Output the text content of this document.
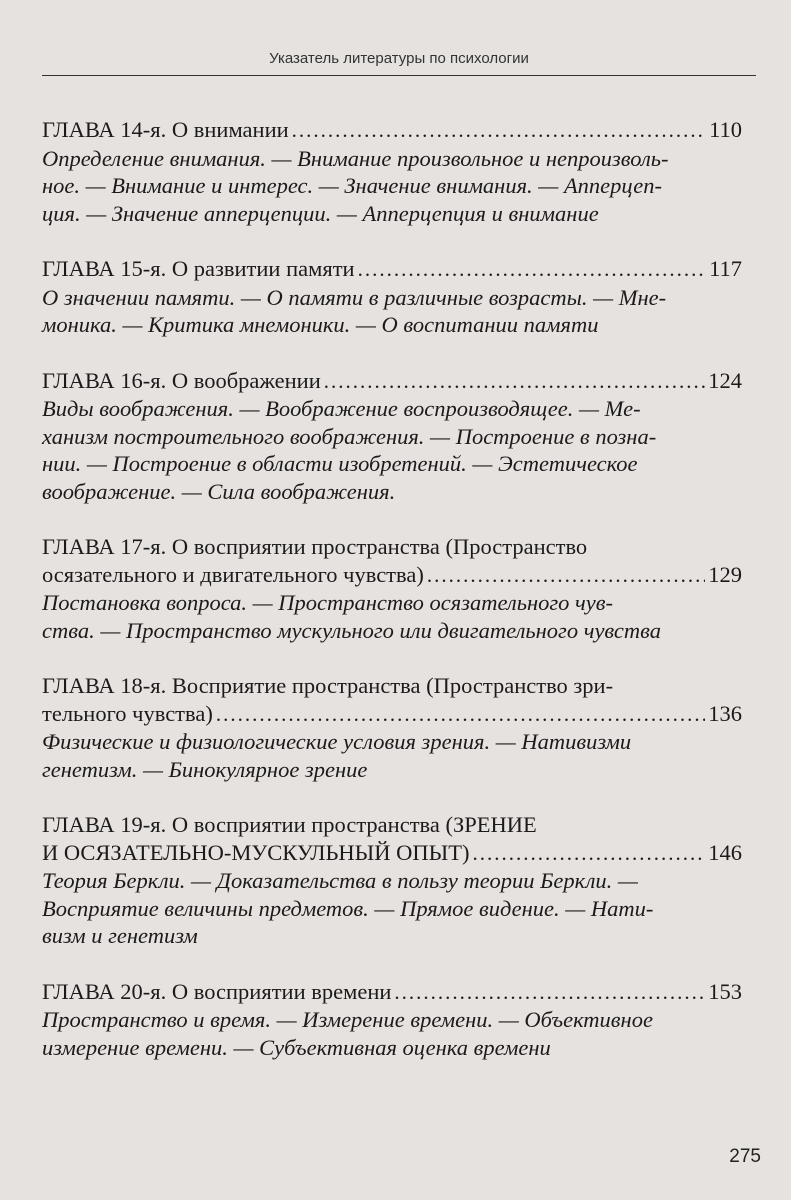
Указатель литературы по психологии
ГЛАВА 14-я. О внимании .....	110
Определение внимания. — Внимание произвольное и непроизволь-
ное. — Внимание и интерес. — Значение внимания. — Апперцеп-
ция. — Значение апперцепции. — Апперцепция и внимание
ГЛАВА 15-я. О развитии памяти .....	117
О значении памяти. — О памяти в различные возрасты. — Мне-
моника. — Критика мнемоники. — О воспитании памяти
ГЛАВА 16-я. О воображении .....	124
Виды воображения. — Воображение воспроизводящее. — Ме-
ханизм построительного воображения. — Построение в позна-
нии. — Построение в области изобретений. — Эстетическое
воображение. — Сила воображения.
ГЛАВА 17-я. О восприятии пространства (Пространство
осязательного и двигательного чувства) .....	129
Постановка вопроса. — Пространство осязательного чув-
ства. — Пространство мускульного или двигательного чувства
ГЛАВА 18-я. Восприятие пространства (Пространство зри-
тельного чувства) .....	136
Физические и физиологические условия зрения. — Нативизми
генетизм. — Бинокулярное зрение
ГЛАВА 19-я. О восприятии пространства (ЗРЕНИЕ
И ОСЯЗАТЕЛЬНО-МУСКУЛЬНЫЙ ОПЫТ) .....	146
Теория Беркли. — Доказательства в пользу теории Беркли. —
Восприятие величины предметов. — Прямое видение. — Нати-
визм и генетизм
ГЛАВА 20-я. О восприятии времени .....	153
Пространство и время. — Измерение времени. — Объективное
измерение времени. — Субъективная оценка времени
275
